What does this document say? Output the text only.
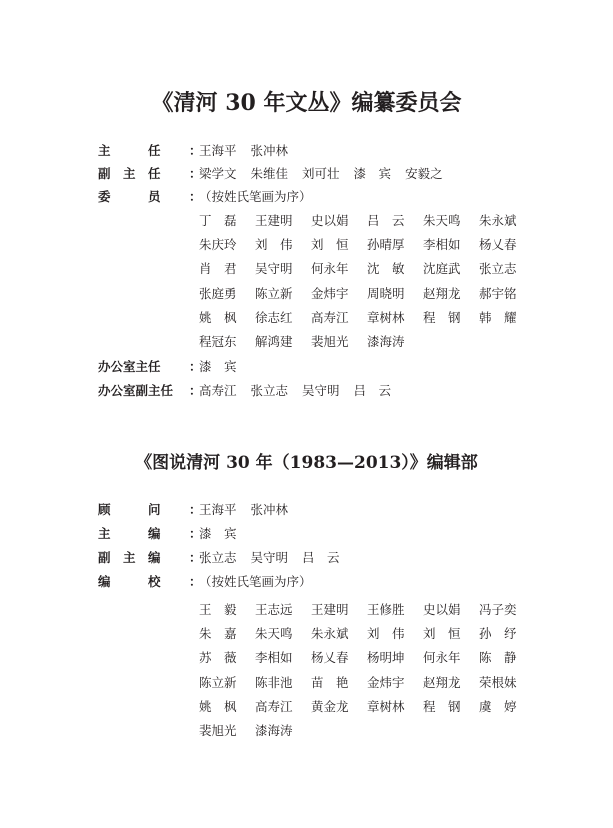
《清河 30 年文丛》编纂委员会
主　　　任 ：
王海平 张冲林
副　主　任 ：
梁学文 朱维佳 刘可壮 漆　宾 安毅之
委　　　员 ：
（按姓氏笔画为序）
丁　磊	王建明	史以娟	吕　云	朱天鸣	朱永斌
朱庆玲	刘　伟	刘　恒	孙晴厚	李相如	杨乂春
肖　君	吴守明	何永年	沈　敏	沈庭武	张立志
张庭勇	陈立新	金炜宇	周晓明	赵翔龙	郝宇铭
姚　枫	徐志红	高寿江	章树林	程　钢	韩　耀
程冠东	解鸿建	裴旭光	漆海涛
办公室主任 ：
漆　宾
办公室副主任 ：
高寿江 张立志 吴守明 吕　云
《图说清河 30 年（1983—2013）》编辑部
顾　　　问 ：
王海平 张冲林
主　　　编 ：
漆　宾
副　主　编 ：
张立志 吴守明 吕　云
编　　　校 ：
（按姓氏笔画为序）
王　毅	王志远	王建明	王修胜	史以娟	冯子奕
朱　嘉	朱天鸣	朱永斌	刘　伟	刘　恒	孙　纾
苏　薇	李相如	杨乂春	杨明坤	何永年	陈　静
陈立新	陈非池	苗　艳	金炜宇	赵翔龙	荣根妹
姚　枫	高寿江	黄金龙	章树林	程　钢	虞　婷
裴旭光	漆海涛
